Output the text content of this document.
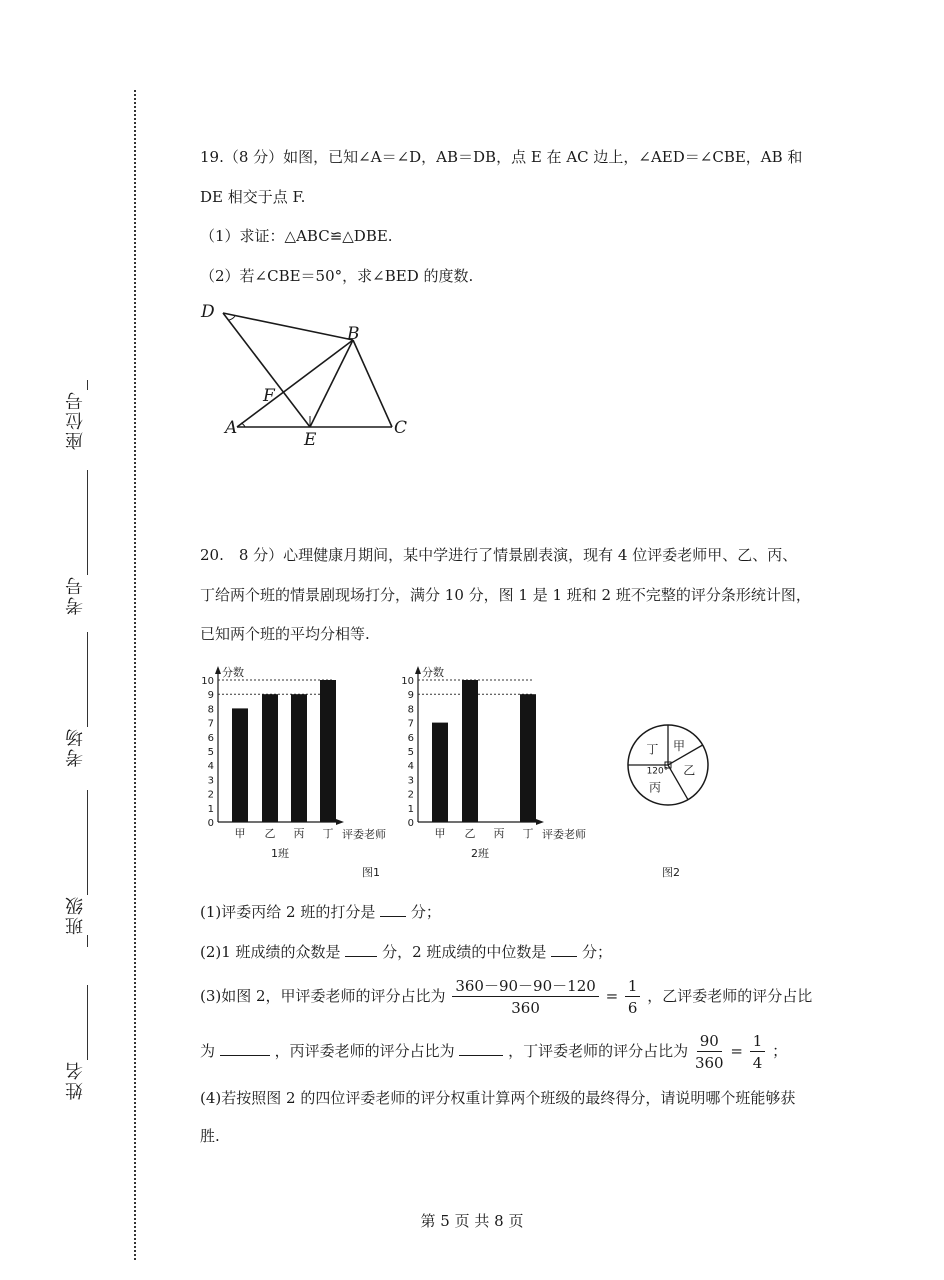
座位号
考号
考场
班级
姓名
19.（8 分）如图，已知∠A＝∠D，AB＝DB，点 E 在 AC 边上，∠AED＝∠CBE，AB 和
DE 相交于点 F.
（1）求证：△ABC≌△DBE.
（2）若∠CBE＝50°，求∠BED 的度数.
D
B
F
A
E
C
20.　8 分）心理健康月期间，某中学进行了情景剧表演，现有 4 位评委老师甲、乙、丙、
丁给两个班的情景剧现场打分，满分 10 分，图 1 是 1 班和 2 班不完整的评分条形统计图，
已知两个班的平均分相等.
分数
0
1
2
3
4
5
6
7
8
9
10
甲 乙 丙 丁 评委老师
1班
分数
0
1
2
3
4
5
6
7
8
9
10
甲 乙 丙 丁 评委老师
2班
甲
乙
丙
丁
120°
图1	图2
(1)评委丙给 2 班的打分是 分；
(2)1 班成绩的众数是	分，2 班成绩的中位数是 分；
(3)如图 2，甲评委老师的评分占比为 $\frac{360-90-90-120}{360} = \frac{1}{6}$ ，乙评委老师的评分占比
为	，丙评委老师的评分占比为	，丁评委老师的评分占比为 $\frac{90}{360} = \frac{1}{4}$ ；
(4)若按照图 2 的四位评委老师的评分权重计算两个班级的最终得分，请说明哪个班能够获
胜.
第 5 页 共 8 页
